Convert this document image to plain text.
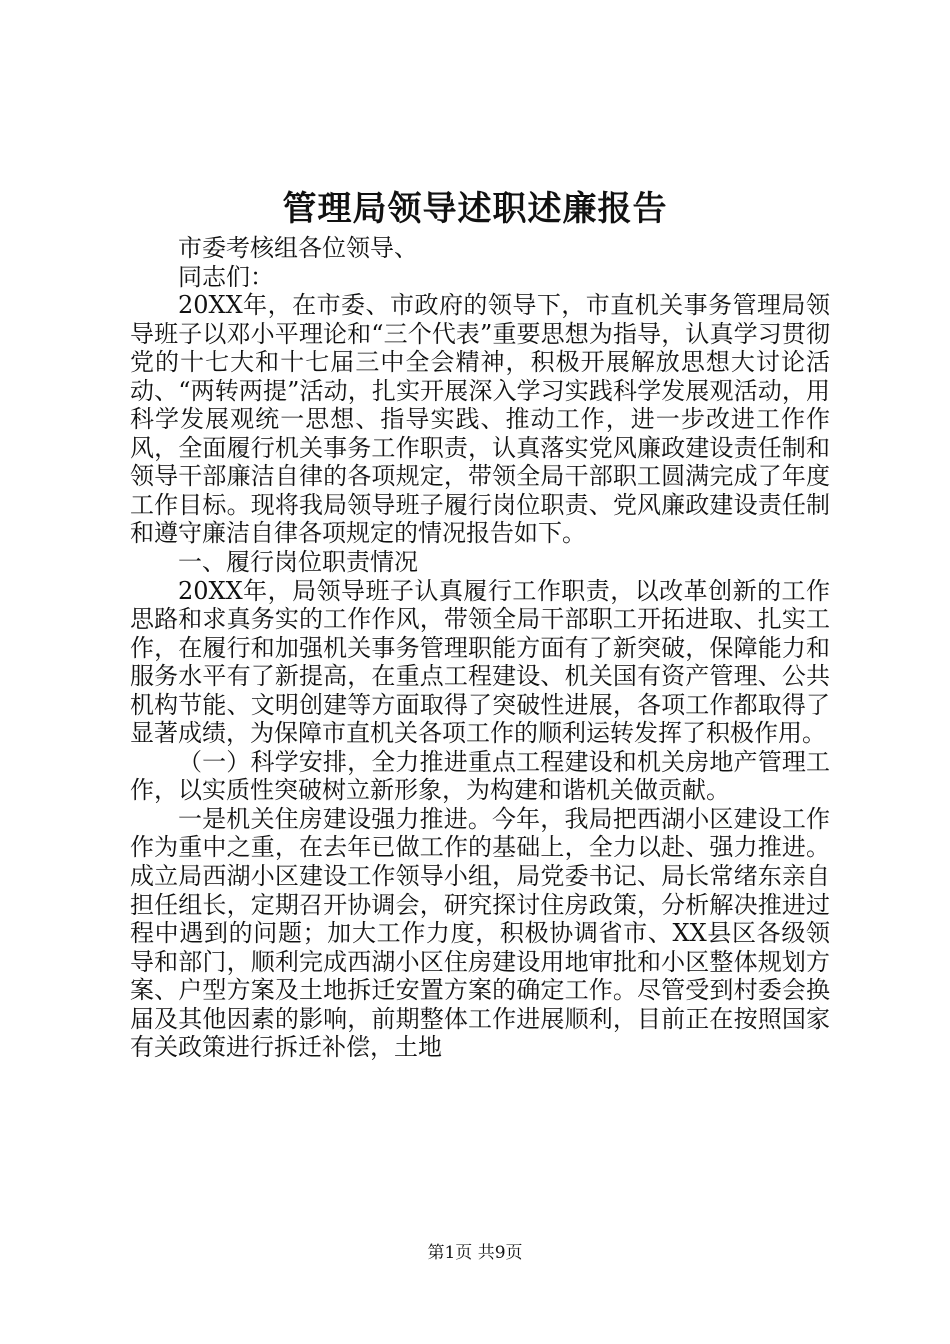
管理局领导述职述廉报告

市委考核组各位领导、

同志们：

20XX年，在市委、市政府的领导下，市直机关事务管理局领导班子以邓小平理论和“三个代表”重要思想为指导，认真学习贯彻党的十七大和十七届三中全会精神，积极开展解放思想大讨论活动、“两转两提”活动，扎实开展深入学习实践科学发展观活动，用科学发展观统一思想、指导实践、推动工作，进一步改进工作作风，全面履行机关事务工作职责，认真落实党风廉政建设责任制和领导干部廉洁自律的各项规定，带领全局干部职工圆满完成了年度工作目标。现将我局领导班子履行岗位职责、党风廉政建设责任制和遵守廉洁自律各项规定的情况报告如下。

一、履行岗位职责情况

20XX年，局领导班子认真履行工作职责，以改革创新的工作思路和求真务实的工作作风，带领全局干部职工开拓进取、扎实工作，在履行和加强机关事务管理职能方面有了新突破，保障能力和服务水平有了新提高，在重点工程建设、机关国有资产管理、公共机构节能、文明创建等方面取得了突破性进展，各项工作都取得了显著成绩，为保障市直机关各项工作的顺利运转发挥了积极作用。

（一）科学安排，全力推进重点工程建设和机关房地产管理工作，以实质性突破树立新形象，为构建和谐机关做贡献。

一是机关住房建设强力推进。今年，我局把西湖小区建设工作作为重中之重，在去年已做工作的基础上，全力以赴、强力推进。成立局西湖小区建设工作领导小组，局党委书记、局长常绪东亲自担任组长，定期召开协调会，研究探讨住房政策，分析解决推进过程中遇到的问题；加大工作力度，积极协调省市、XX县区各级领导和部门，顺利完成西湖小区住房建设用地审批和小区整体规划方案、户型方案及土地拆迁安置方案的确定工作。尽管受到村委会换届及其他因素的影响，前期整体工作进展顺利，目前正在按照国家有关政策进行拆迁补偿，土地

第1页 共9页
